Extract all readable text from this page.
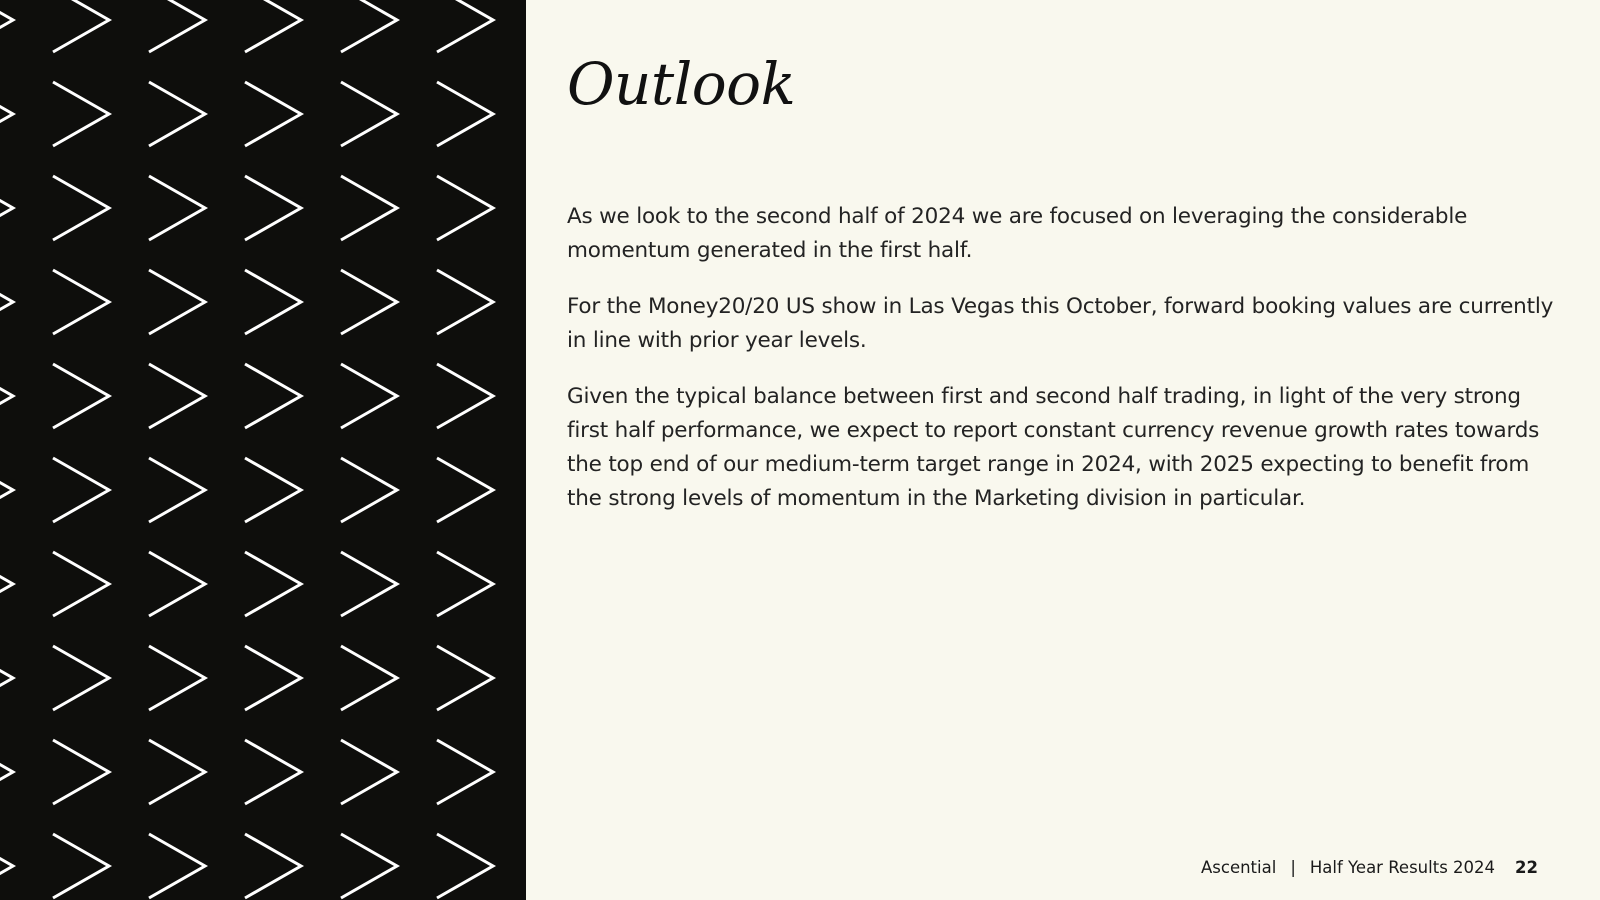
Outlook

As we look to the second half of 2024 we are focused on leveraging the considerable momentum generated in the first half.

For the Money20/20 US show in Las Vegas this October, forward booking values are currently in line with prior year levels.

Given the typical balance between first and second half trading, in light of the very strong first half performance, we expect to report constant currency revenue growth rates towards the top end of our medium-term target range in 2024, with 2025 expecting to benefit from the strong levels of momentum in the Marketing division in particular.

Ascential | Half Year Results 2024 22
